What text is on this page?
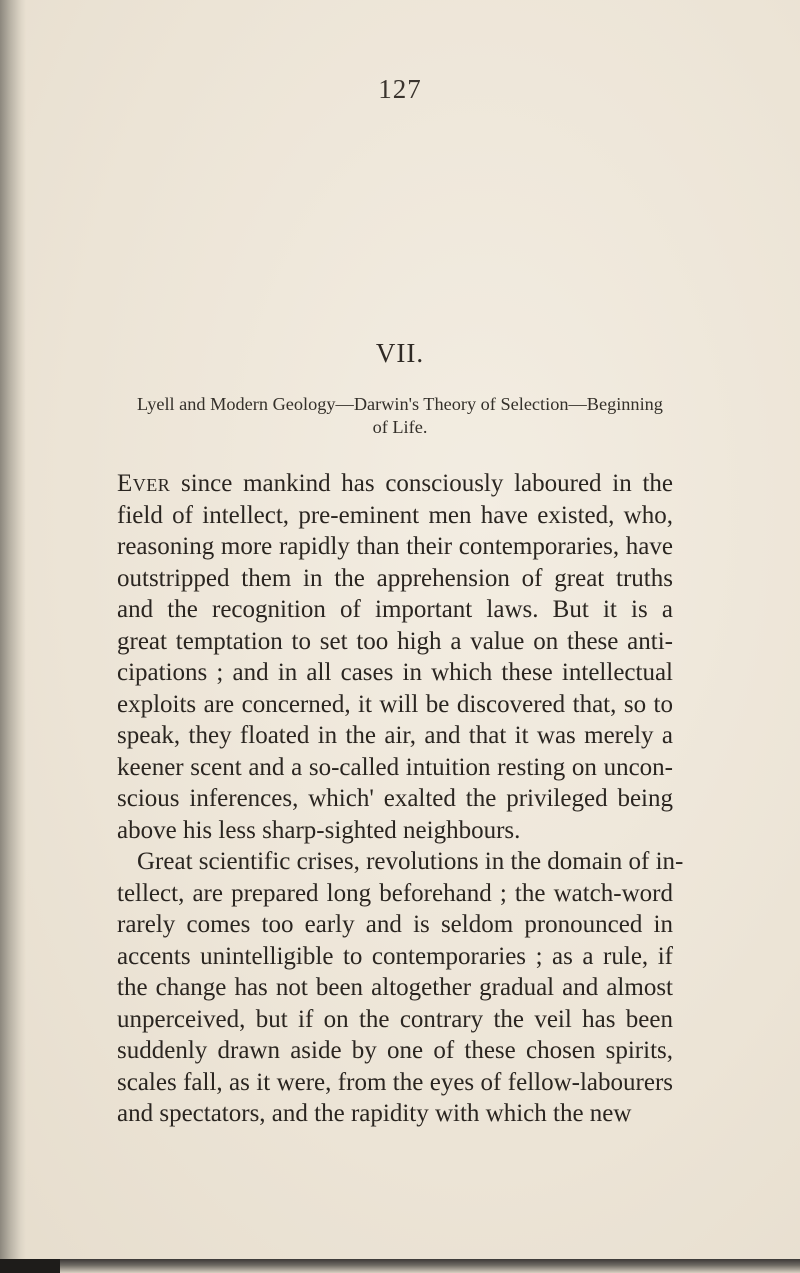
127
VII.
Lyell and Modern Geology—Darwin's Theory of Selection—Beginning
of Life.
Ever since mankind has consciously laboured in the
field of intellect, pre-eminent men have existed, who,
reasoning more rapidly than their contemporaries, have
outstripped them in the apprehension of great truths
and the recognition of important laws. But it is a
great temptation to set too high a value on these anti-
cipations ; and in all cases in which these intellectual
exploits are concerned, it will be discovered that, so to
speak, they floated in the air, and that it was merely a
keener scent and a so-called intuition resting on uncon-
scious inferences, which' exalted the privileged being
above his less sharp-sighted neighbours.
Great scientific crises, revolutions in the domain of in-
tellect, are prepared long beforehand ; the watch-word
rarely comes too early and is seldom pronounced in
accents unintelligible to contemporaries ; as a rule, if
the change has not been altogether gradual and almost
unperceived, but if on the contrary the veil has been
suddenly drawn aside by one of these chosen spirits,
scales fall, as it were, from the eyes of fellow-labourers
and spectators, and the rapidity with which the new
